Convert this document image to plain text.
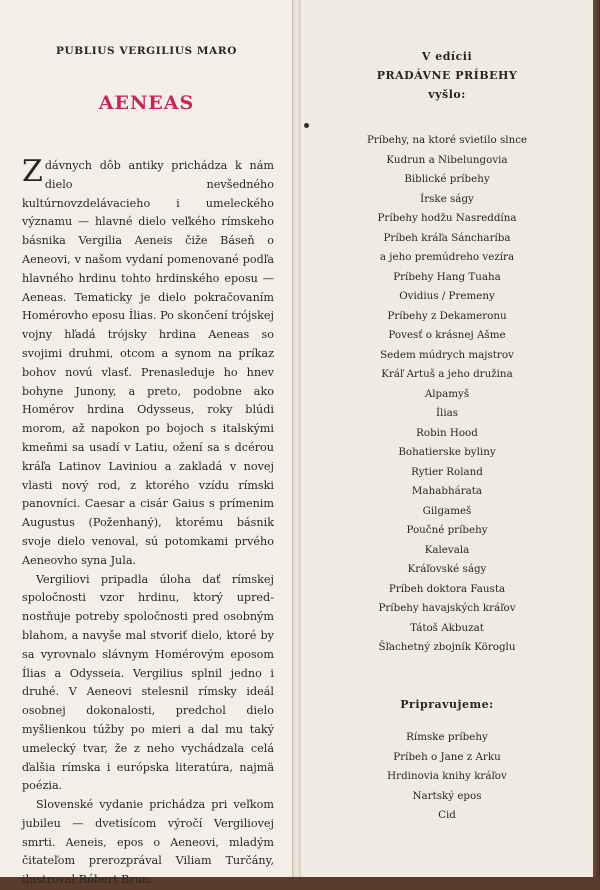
PUBLIUS VERGILIUS MARO
AENEAS

Z dávnych dôb antiky prichádza k nám dielo nevšedného kultúrnovzdelávacieho i umeleckého významu — hlavné dielo veľkého rímskeho básnika Vergilia Aeneis čiže Báseň o Aeneovi, v našom vydaní pomenované podľa hlavného hrdinu tohto hrdinského eposu — Aeneas. Tematicky je dielo pokračovaním Homérovho eposu Ílias. Po skončení trójskej vojny hľadá trójsky hrdina Aeneas so svojimi druhmi, otcom a synom na príkaz bohov novú vlasť. Prenasleduje ho hnev bohyne Junony, a preto, podobne ako Homérov hrdina Odysseus, roky blúdi morom, až napokon po bojoch s italskými kmeňmi sa usadí v Latiu, ožení sa s dcérou kráľa Latinov Laviniou a zakladá v novej vlasti nový rod, z ktorého vzídu rímski panovníci. Caesar a cisár Gaius s prímenim Augustus (Poženhaný), ktorému básnik svoje dielo venoval, sú potomkami prvého Aeneovho syna Jula.

Vergiliovi pripadla úloha dať rímskej spoločnosti vzor hrdinu, ktorý uprednostňuje potreby spoločnosti pred osobným blahom, a navyše mal stvoriť dielo, ktoré by sa vyrovnalo slávnym Homérovým eposom Ílias a Odysseia. Vergilius splnil jedno i druhé. V Aeneovi stelesnil rímsky ideál osobnej dokonalosti, predchol dielo myšlienkou túžby po mieri a dal mu taký umelecký tvar, že z neho vychádzala celá ďalšia rímska i európska literatúra, najmä poézia.

Slovenské vydanie prichádza pri veľkom jubileu — dvetisícom výročí Vergiliovej smrti. Aeneis, epos o Aeneovi, mladým čitateľom prerozprával Viliam Turčány, ilustroval Róbert Brun.

V edícii
PRADÁVNE PRÍBEHY
vyšlo:
Príbehy, na ktoré svietilo slnce
Kudrun a Nibelungovia
Biblické príbehy
Írske ságy
Príbehy hodžu Nasreddína
Príbeh kráľa Sáncharíba
a jeho premúdreho vezíra
Príbehy Hang Tuaha
Ovidius / Premeny
Príbehy z Dekameronu
Povesť o krásnej Ašme
Sedem múdrych majstrov
Kráľ Artuš a jeho družina
Alpamyš
Ílias
Robin Hood
Bohatierske byliny
Rytier Roland
Mahabhárata
Gilgameš
Poučné príbehy
Kalevala
Kráľovské ságy
Príbeh doktora Fausta
Príbehy havajských kráľov
Tátoš Akbuzat
Šľachetný zbojník Köroglu
Pripravujeme:
Rímske príbehy
Príbeh o Jane z Arku
Hrdinovia knihy kráľov
Nartský epos
Cid
